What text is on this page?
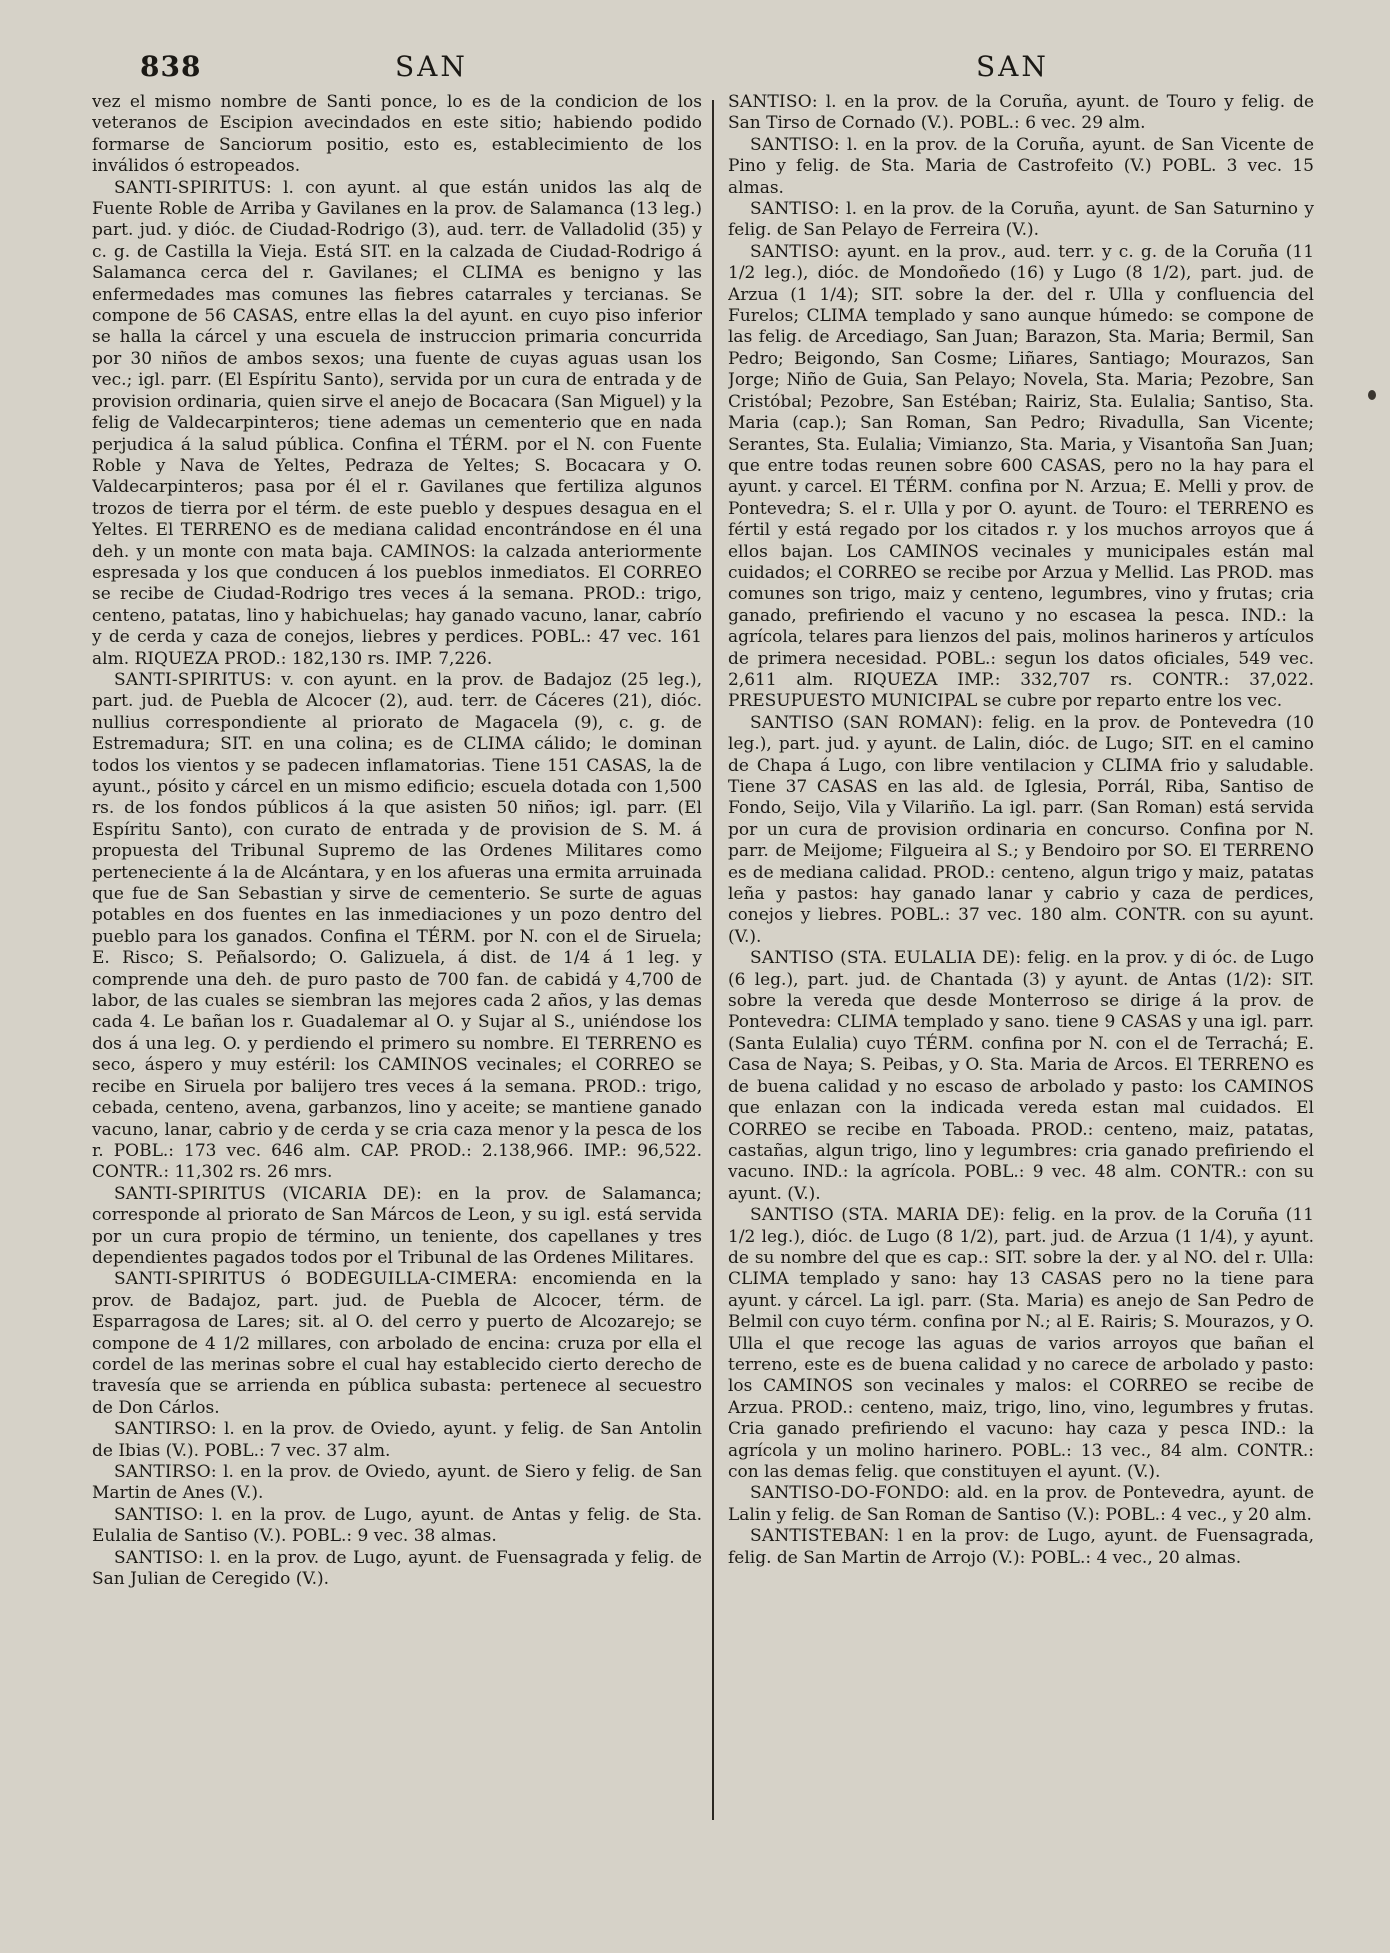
838	SAN	SAN

vez el mismo nombre de Santi ponce, lo es de la condicion de los veteranos de Escipion avecindados en este sitio; habiendo podido formarse de Sanciorum positio, esto es, establecimiento de los inválidos ó estropeados.

SANTI-SPIRITUS: l. con ayunt. al que están unidos las alq de Fuente Roble de Arriba y Gavilanes en la prov. de Salamanca (13 leg.) part. jud. y dióc. de Ciudad-Rodrigo (3), aud. terr. de Valladolid (35) y c. g. de Castilla la Vieja. Está SIT. en la calzada de Ciudad-Rodrigo á Salamanca cerca del r. Gavilanes; el CLIMA es benigno y las enfermedades mas comunes las fiebres catarrales y tercianas. Se compone de 56 CASAS, entre ellas la del ayunt. en cuyo piso inferior se halla la cárcel y una escuela de instruccion primaria concurrida por 30 niños de ambos sexos; una fuente de cuyas aguas usan los vec.; igl. parr. (El Espíritu Santo), servida por un cura de entrada y de provision ordinaria, quien sirve el anejo de Bocacara (San Miguel) y la felig de Valdecarpinteros; tiene ademas un cementerio que en nada perjudica á la salud pública. Confina el TÉRM. por el N. con Fuente Roble y Nava de Yeltes, Pedraza de Yeltes; S. Bocacara y O. Valdecarpinteros; pasa por él el r. Gavilanes que fertiliza algunos trozos de tierra por el térm. de este pueblo y despues desagua en el Yeltes. El TERRENO es de mediana calidad encontrándose en él una deh. y un monte con mata baja. CAMINOS: la calzada anteriormente espresada y los que conducen á los pueblos inmediatos. El CORREO se recibe de Ciudad-Rodrigo tres veces á la semana. PROD.: trigo, centeno, patatas, lino y habichuelas; hay ganado vacuno, lanar, cabrío y de cerda y caza de conejos, liebres y perdices. POBL.: 47 vec. 161 alm. RIQUEZA PROD.: 182,130 rs. IMP. 7,226.

SANTI-SPIRITUS: v. con ayunt. en la prov. de Badajoz (25 leg.), part. jud. de Puebla de Alcocer (2), aud. terr. de Cáceres (21), dióc. nullius correspondiente al priorato de Magacela (9), c. g. de Estremadura; SIT. en una colina; es de CLIMA cálido; le dominan todos los vientos y se padecen inflamatorias. Tiene 151 CASAS, la de ayunt., pósito y cárcel en un mismo edificio; escuela dotada con 1,500 rs. de los fondos públicos á la que asisten 50 niños; igl. parr. (El Espíritu Santo), con curato de entrada y de provision de S. M. á propuesta del Tribunal Supremo de las Ordenes Militares como perteneciente á la de Alcántara, y en los afueras una ermita arruinada que fue de San Sebastian y sirve de cementerio. Se surte de aguas potables en dos fuentes en las inmediaciones y un pozo dentro del pueblo para los ganados. Confina el TÉRM. por N. con el de Siruela; E. Risco; S. Peñalsordo; O. Galizuela, á dist. de 1/4 á 1 leg. y comprende una deh. de puro pasto de 700 fan. de cabidá y 4,700 de labor, de las cuales se siembran las mejores cada 2 años, y las demas cada 4. Le bañan los r. Guadalemar al O. y Sujar al S., uniéndose los dos á una leg. O. y perdiendo el primero su nombre. El TERRENO es seco, áspero y muy estéril: los CAMINOS vecinales; el CORREO se recibe en Siruela por balijero tres veces á la semana. PROD.: trigo, cebada, centeno, avena, garbanzos, lino y aceite; se mantiene ganado vacuno, lanar, cabrio y de cerda y se cria caza menor y la pesca de los r. POBL.: 173 vec. 646 alm. CAP. PROD.: 2.138,966. IMP.: 96,522. CONTR.: 11,302 rs. 26 mrs.

SANTI-SPIRITUS (VICARIA DE): en la prov. de Salamanca; corresponde al priorato de San Márcos de Leon, y su igl. está servida por un cura propio de término, un teniente, dos capellanes y tres dependientes pagados todos por el Tribunal de las Ordenes Militares.

SANTI-SPIRITUS ó BODEGUILLA-CIMERA: encomienda en la prov. de Badajoz, part. jud. de Puebla de Alcocer, térm. de Esparragosa de Lares; sit. al O. del cerro y puerto de Alcozarejo; se compone de 4 1/2 millares, con arbolado de encina: cruza por ella el cordel de las merinas sobre el cual hay establecido cierto derecho de travesía que se arrienda en pública subasta: pertenece al secuestro de Don Cárlos.

SANTIRSO: l. en la prov. de Oviedo, ayunt. y felig. de San Antolin de Ibias (V.). POBL.: 7 vec. 37 alm.

SANTIRSO: l. en la prov. de Oviedo, ayunt. de Siero y felig. de San Martin de Anes (V.).

SANTISO: l. en la prov. de Lugo, ayunt. de Antas y felig. de Sta. Eulalia de Santiso (V.). POBL.: 9 vec. 38 almas.

SANTISO: l. en la prov. de Lugo, ayunt. de Fuensagrada y felig. de San Julian de Ceregido (V.).

SANTISO: l. en la prov. de la Coruña, ayunt. de Touro y felig. de San Tirso de Cornado (V.). POBL.: 6 vec. 29 alm.

SANTISO: l. en la prov. de la Coruña, ayunt. de San Vicente de Pino y felig. de Sta. Maria de Castrofeito (V.) POBL. 3 vec. 15 almas.

SANTISO: l. en la prov. de la Coruña, ayunt. de San Saturnino y felig. de San Pelayo de Ferreira (V.).

SANTISO: ayunt. en la prov., aud. terr. y c. g. de la Coruña (11 1/2 leg.), dióc. de Mondoñedo (16) y Lugo (8 1/2), part. jud. de Arzua (1 1/4); SIT. sobre la der. del r. Ulla y confluencia del Furelos; CLIMA templado y sano aunque húmedo: se compone de las felig. de Arcediago, San Juan; Barazon, Sta. Maria; Bermil, San Pedro; Beigondo, San Cosme; Liñares, Santiago; Mourazos, San Jorge; Niño de Guia, San Pelayo; Novela, Sta. Maria; Pezobre, San Cristóbal; Pezobre, San Estéban; Rairiz, Sta. Eulalia; Santiso, Sta. Maria (cap.); San Roman, San Pedro; Rivadulla, San Vicente; Serantes, Sta. Eulalia; Vimianzo, Sta. Maria, y Visantoña San Juan; que entre todas reunen sobre 600 CASAS, pero no la hay para el ayunt. y carcel. El TÉRM. confina por N. Arzua; E. Melli y prov. de Pontevedra; S. el r. Ulla y por O. ayunt. de Touro: el TERRENO es fértil y está regado por los citados r. y los muchos arroyos que á ellos bajan. Los CAMINOS vecinales y municipales están mal cuidados; el CORREO se recibe por Arzua y Mellid. Las PROD. mas comunes son trigo, maiz y centeno, legumbres, vino y frutas; cria ganado, prefiriendo el vacuno y no escasea la pesca. IND.: la agrícola, telares para lienzos del pais, molinos harineros y artículos de primera necesidad. POBL.: segun los datos oficiales, 549 vec. 2,611 alm. RIQUEZA IMP.: 332,707 rs. CONTR.: 37,022. PRESUPUESTO MUNICIPAL se cubre por reparto entre los vec.

SANTISO (SAN ROMAN): felig. en la prov. de Pontevedra (10 leg.), part. jud. y ayunt. de Lalin, dióc. de Lugo; SIT. en el camino de Chapa á Lugo, con libre ventilacion y CLIMA frio y saludable. Tiene 37 CASAS en las ald. de Iglesia, Porrál, Riba, Santiso de Fondo, Seijo, Vila y Vilariño. La igl. parr. (San Roman) está servida por un cura de provision ordinaria en concurso. Confina por N. parr. de Meijome; Filgueira al S.; y Bendoiro por SO. El TERRENO es de mediana calidad. PROD.: centeno, algun trigo y maiz, patatas leña y pastos: hay ganado lanar y cabrio y caza de perdices, conejos y liebres. POBL.: 37 vec. 180 alm. CONTR. con su ayunt. (V.).

SANTISO (STA. EULALIA DE): felig. en la prov. y di óc. de Lugo (6 leg.), part. jud. de Chantada (3) y ayunt. de Antas (1/2): SIT. sobre la vereda que desde Monterroso se dirige á la prov. de Pontevedra: CLIMA templado y sano. tiene 9 CASAS y una igl. parr. (Santa Eulalia) cuyo TÉRM. confina por N. con el de Terrachá; E. Casa de Naya; S. Peibas, y O. Sta. Maria de Arcos. El TERRENO es de buena calidad y no escaso de arbolado y pasto: los CAMINOS que enlazan con la indicada vereda estan mal cuidados. El CORREO se recibe en Taboada. PROD.: centeno, maiz, patatas, castañas, algun trigo, lino y legumbres: cria ganado prefiriendo el vacuno. IND.: la agrícola. POBL.: 9 vec. 48 alm. CONTR.: con su ayunt. (V.).

SANTISO (STA. MARIA DE): felig. en la prov. de la Coruña (11 1/2 leg.), dióc. de Lugo (8 1/2), part. jud. de Arzua (1 1/4), y ayunt. de su nombre del que es cap.: SIT. sobre la der. y al NO. del r. Ulla: CLIMA templado y sano: hay 13 CASAS pero no la tiene para ayunt. y cárcel. La igl. parr. (Sta. Maria) es anejo de San Pedro de Belmil con cuyo térm. confina por N.; al E. Rairis; S. Mourazos, y O. Ulla el que recoge las aguas de varios arroyos que bañan el terreno, este es de buena calidad y no carece de arbolado y pasto: los CAMINOS son vecinales y malos: el CORREO se recibe de Arzua. PROD.: centeno, maiz, trigo, lino, vino, legumbres y frutas. Cria ganado prefiriendo el vacuno: hay caza y pesca IND.: la agrícola y un molino harinero. POBL.: 13 vec., 84 alm. CONTR.: con las demas felig. que constituyen el ayunt. (V.).

SANTISO-DO-FONDO: ald. en la prov. de Pontevedra, ayunt. de Lalin y felig. de San Roman de Santiso (V.): POBL.: 4 vec., y 20 alm.

SANTISTEBAN: l en la prov: de Lugo, ayunt. de Fuensagrada, felig. de San Martin de Arrojo (V.): POBL.: 4 vec., 20 almas.
